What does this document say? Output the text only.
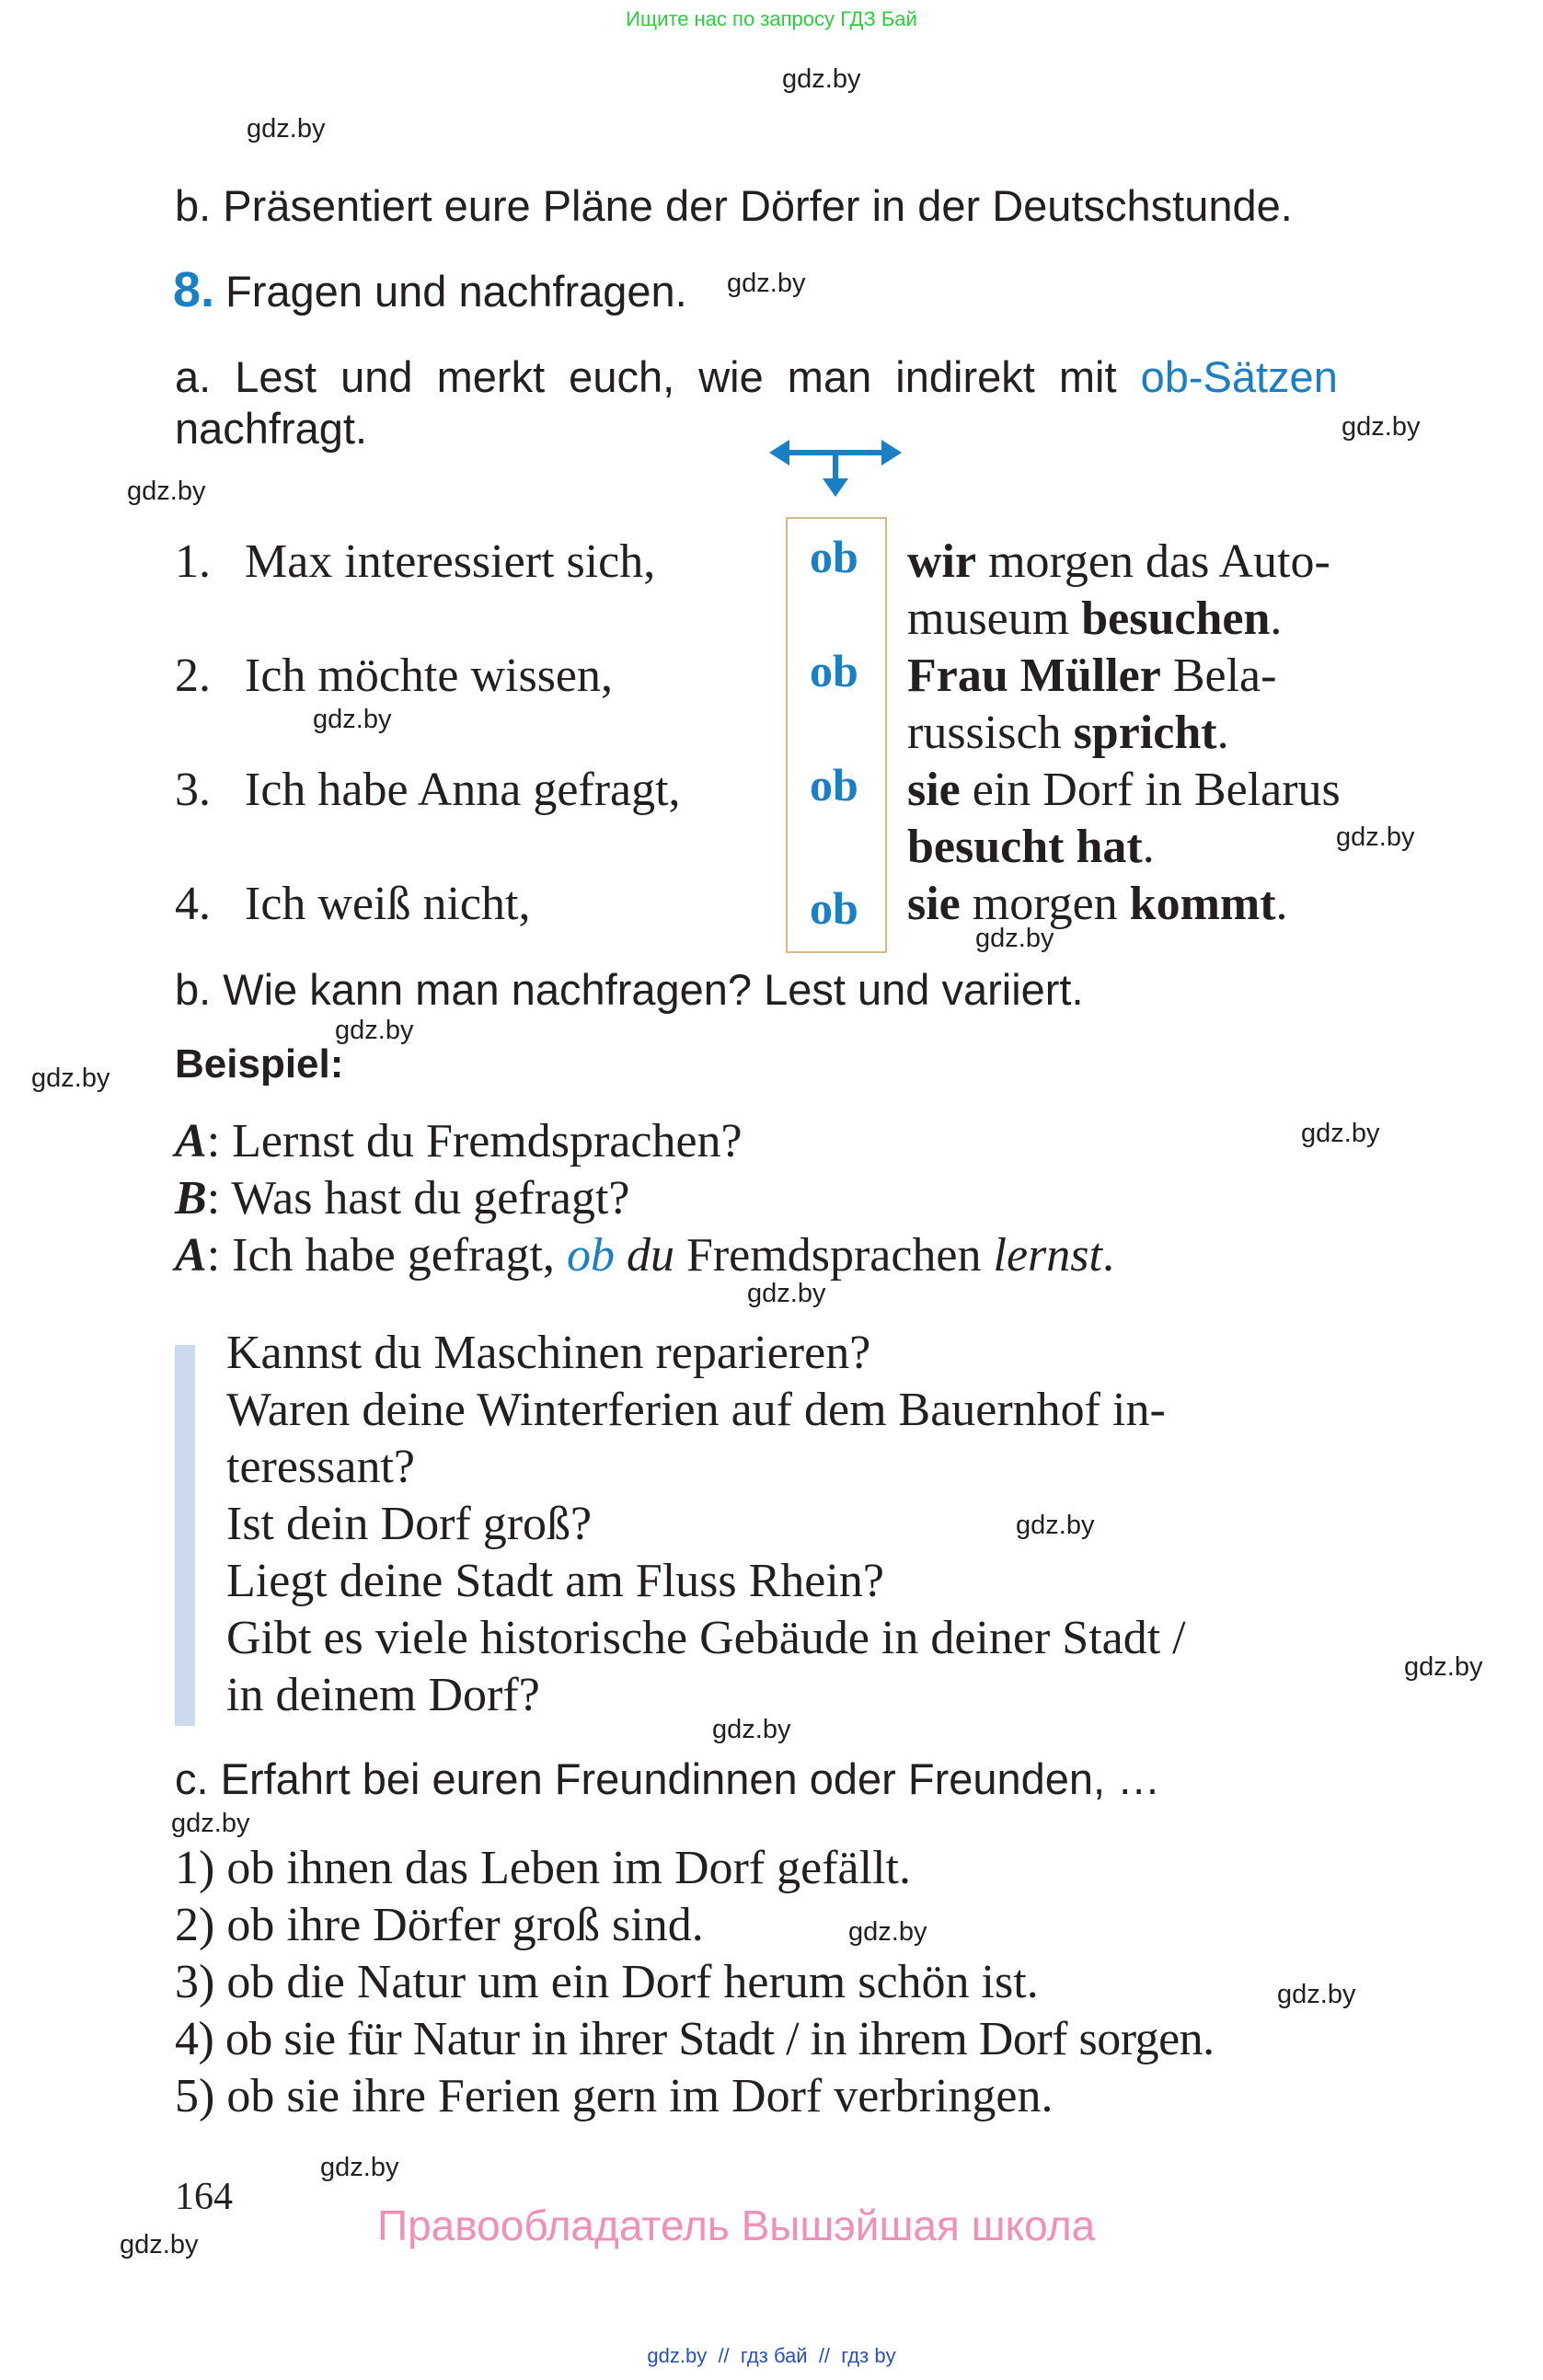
Ищите нас по запросу ГДЗ Бай
gdz.by
gdz.by
gdz.by
gdz.by
gdz.by
gdz.by
gdz.by
gdz.by
gdz.by
gdz.by
gdz.by
gdz.by
gdz.by
gdz.by
gdz.by
gdz.by
gdz.by
gdz.by
gdz.by
gdz.by
b. Präsentiert eure Pläne der Dörfer in der Deutschstunde.
8. Fragen und nachfragen.
a. Lest und merkt euch, wie man indirekt mit ob-Sätzen
nachfragt.
1. Max interessiert sich,	ob wir morgen das Auto-
museum besuchen.
2. Ich möchte wissen,	ob Frau Müller Bela-
russisch spricht.
3. Ich habe Anna gefragt,	ob sie ein Dorf in Belarus
besucht hat.
4. Ich weiß nicht,	ob sie morgen kommt.
b. Wie kann man nachfragen? Lest und variiert.
Beispiel:
A: Lernst du Fremdsprachen?
B: Was hast du gefragt?
A: Ich habe gefragt, ob du Fremdsprachen lernst.
Kannst du Maschinen reparieren?
Waren deine Winterferien auf dem Bauernhof in-
teressant?
Ist dein Dorf groß?
Liegt deine Stadt am Fluss Rhein?
Gibt es viele historische Gebäude in deiner Stadt /
in deinem Dorf?
c. Erfahrt bei euren Freundinnen oder Freunden, …
1) ob ihnen das Leben im Dorf gefällt.
2) ob ihre Dörfer groß sind.
3) ob die Natur um ein Dorf herum schön ist.
4) ob sie für Natur in ihrer Stadt / in ihrem Dorf sorgen.
5) ob sie ihre Ferien gern im Dorf verbringen.
164
Правообладатель Вышэйшая школа
gdz.by  //  гдз бай  //  гдз by
